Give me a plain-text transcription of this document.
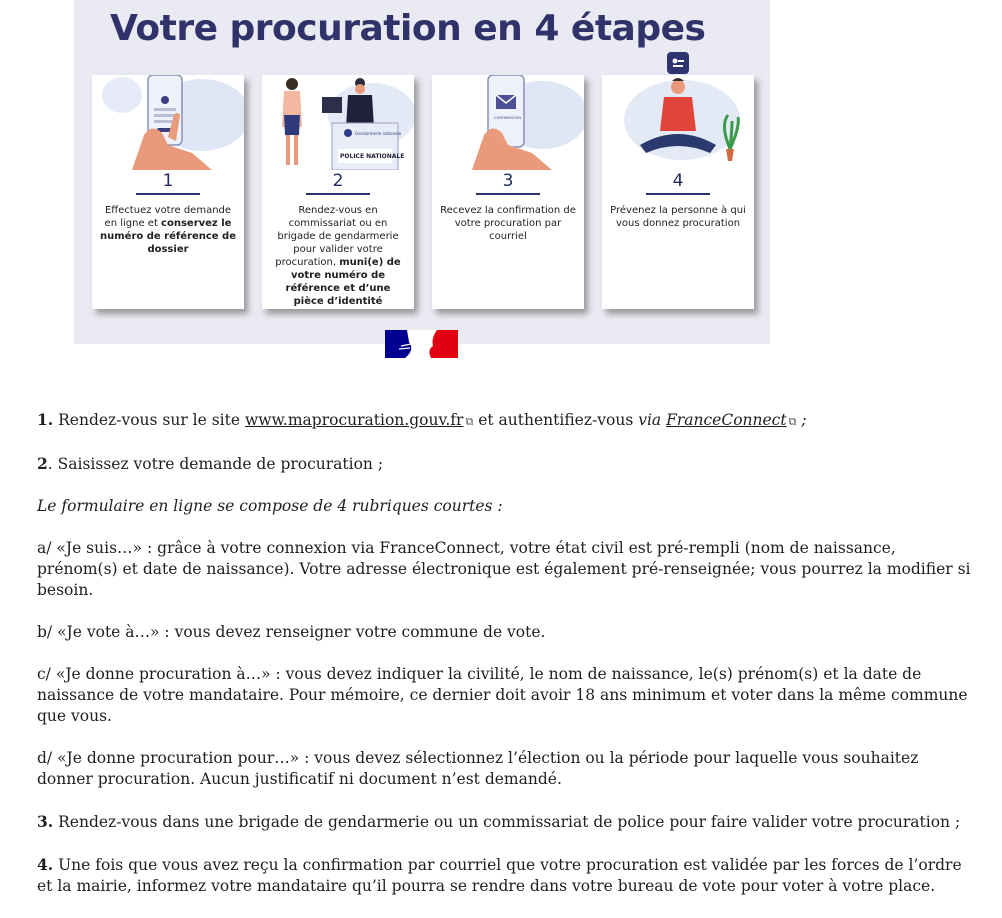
Votre procuration en 4 étapes
1
Effectuez votre demande en ligne et conservez le numéro de référence de dossier
Gendarmerie nationale
POLICE NATIONALE
2
Rendez-vous en commissariat ou en brigade de gendarmerie pour valider votre procuration, muni(e) de votre numéro de référence et d’une pièce d’identité
CONFIRMATION
3
Recevez la confirmation de votre procuration par courriel
4
Prévenez la personne à qui vous donnez procuration

1. Rendez-vous sur le site www.maprocuration.gouv.fr ⧉ et authentifiez-vous via FranceConnect ⧉ ;

2. Saisissez votre demande de procuration ;

Le formulaire en ligne se compose de 4 rubriques courtes :

a/ «Je suis…» : grâce à votre connexion via FranceConnect, votre état civil est pré-rempli (nom de naissance, prénom(s) et date de naissance). Votre adresse électronique est également pré-renseignée; vous pourrez la modifier si besoin.

b/ «Je vote à…» : vous devez renseigner votre commune de vote.

c/ «Je donne procuration à…» : vous devez indiquer la civilité, le nom de naissance, le(s) prénom(s) et la date de naissance de votre mandataire. Pour mémoire, ce dernier doit avoir 18 ans minimum et voter dans la même commune que vous.

d/ «Je donne procuration pour…» : vous devez sélectionnez l’élection ou la période pour laquelle vous souhaitez donner procuration. Aucun justificatif ni document n’est demandé.

3. Rendez-vous dans une brigade de gendarmerie ou un commissariat de police pour faire valider votre procuration ;

4. Une fois que vous avez reçu la confirmation par courriel que votre procuration est validée par les forces de l’ordre et la mairie, informez votre mandataire qu’il pourra se rendre dans votre bureau de vote pour voter à votre place.
